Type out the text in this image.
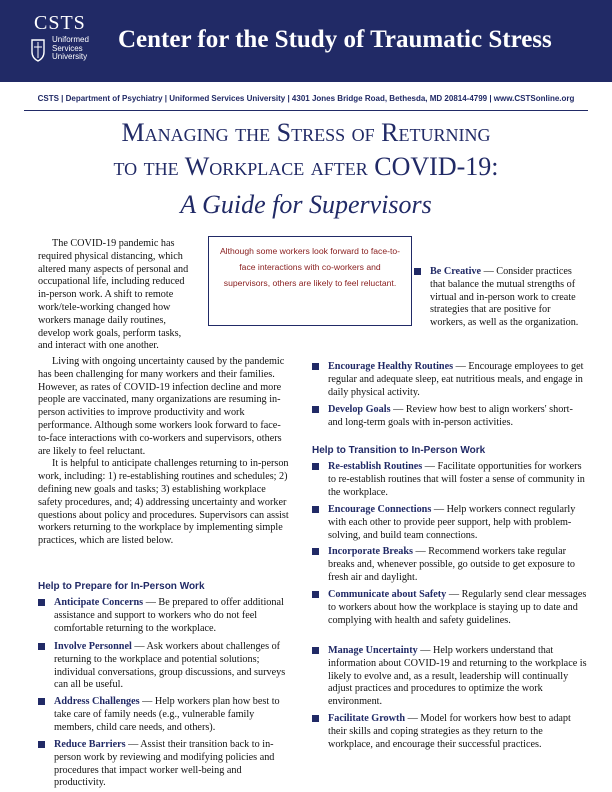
CSTS
Uniformed
Services
University
Center for the Study of Traumatic Stress
CSTS | Department of Psychiatry | Uniformed Services University | 4301 Jones Bridge Road, Bethesda, MD 20814-4799 | www.CSTSonline.org
Managing the Stress of Returning
to the Workplace after COVID-19:
A Guide for Supervisors

The COVID-19 pandemic has required physical distancing, which altered many aspects of personal and occupational life, including reduced in-person work. A shift to remote work/tele-working changed how workers manage daily routines, develop work goals, perform tasks, and interact with one another.

Living with ongoing uncertainty caused by the pandemic has been challenging for many workers and their families. However, as rates of COVID-19 infection decline and more people are vaccinated, many organizations are resuming in-person activities to improve productivity and work performance. Although some workers look forward to face-to-face interactions with co-workers and supervisors, others are likely to feel reluctant.

It is helpful to anticipate challenges returning to in-person work, including: 1) re-establishing routines and schedules; 2) defining new goals and tasks; 3) establishing workplace safety procedures, and; 4) addressing uncertainty and worker questions about policy and procedures. Supervisors can assist workers returning to the workplace by implementing simple practices, which are listed below.

Although some workers look forward to face-to-face interactions with co-workers and supervisors, others are likely to feel reluctant.
Help to Prepare for In-Person Work
Anticipate Concerns — Be prepared to offer additional assistance and support to workers who do not feel comfortable returning to the workplace.
Involve Personnel — Ask workers about challenges of returning to the workplace and potential solutions; individual conversations, group discussions, and surveys can all be useful.
Address Challenges — Help workers plan how best to take care of family needs (e.g., vulnerable family members, child care needs, and others).
Reduce Barriers — Assist their transition back to in-person work by reviewing and modifying policies and procedures that impact worker well-being and productivity.
Be Creative — Consider practices that balance the mutual strengths of virtual and in-person work to create strategies that are positive for workers, as well as the organization.
Encourage Healthy Routines — Encourage employees to get regular and adequate sleep, eat nutritious meals, and engage in daily physical activity.
Develop Goals — Review how best to align workers' short- and long-term goals with in-person activities.
Help to Transition to In-Person Work
Re-establish Routines — Facilitate opportunities for workers to re-establish routines that will foster a sense of community in the workplace.
Encourage Connections — Help workers connect regularly with each other to provide peer support, help with problem-solving, and build team connections.
Incorporate Breaks — Recommend workers take regular breaks and, whenever possible, go outside to get exposure to fresh air and daylight.
Communicate about Safety — Regularly send clear messages to workers about how the workplace is staying up to date and complying with health and safety guidelines.
Manage Uncertainty — Help workers understand that information about COVID-19 and returning to the workplace is likely to evolve and, as a result, leadership will continually adjust practices and procedures to optimize the work environment.
Facilitate Growth — Model for workers how best to adapt their skills and coping strategies as they return to the workplace, and encourage their successful practices.
